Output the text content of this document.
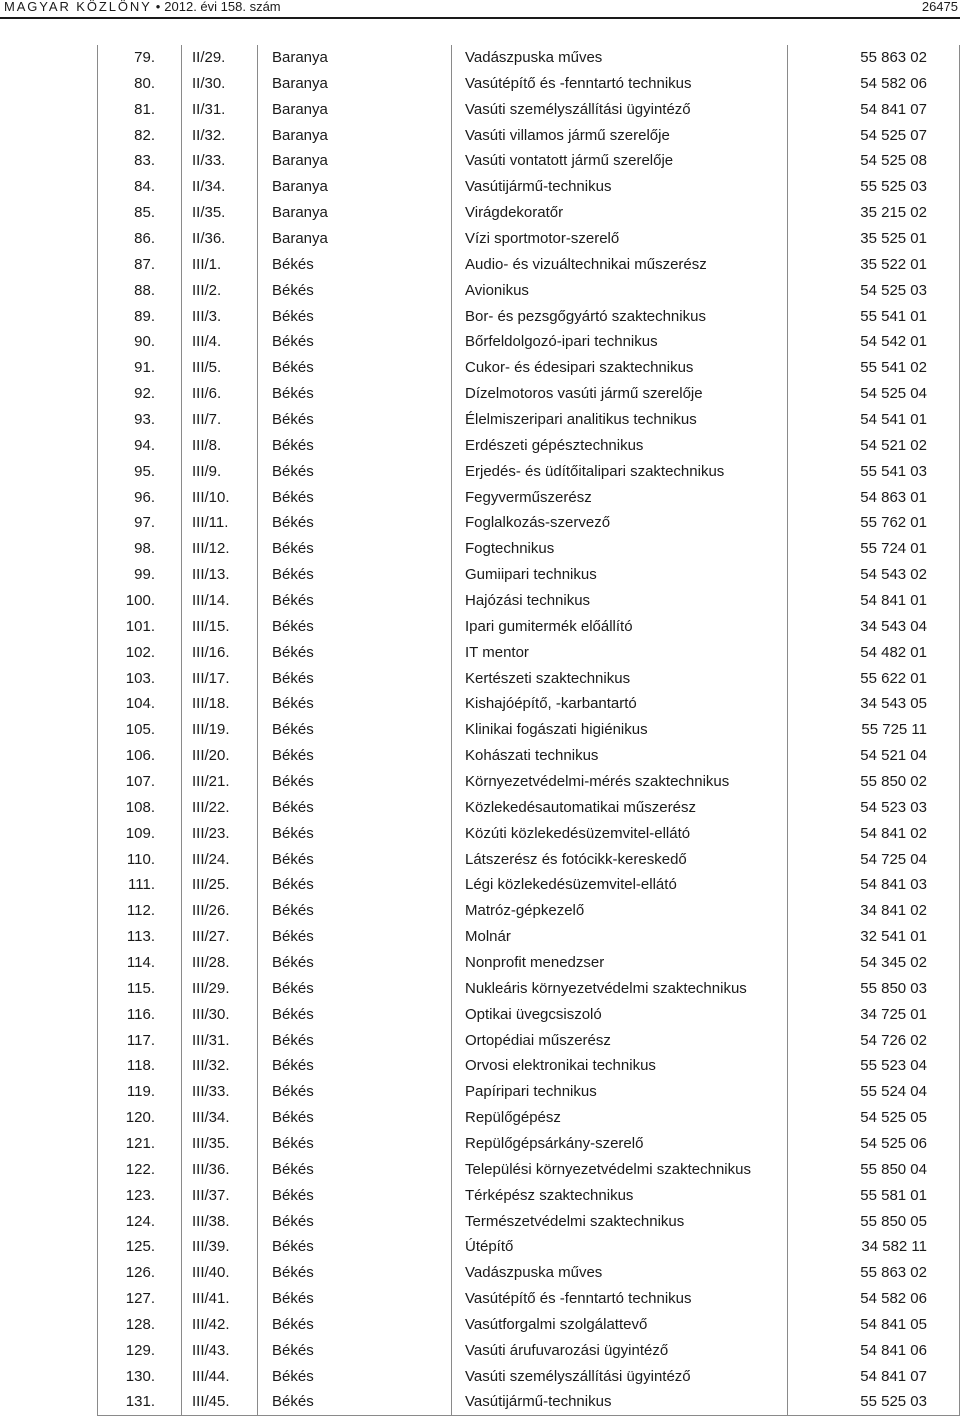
MAGYAR KÖZLÖNY • 2012. évi 158. szám	26475
79.	II/29.	Baranya	Vadászpuska műves	55 863 02
80.	II/30.	Baranya	Vasútépítő és -fenntartó technikus	54 582 06
81.	II/31.	Baranya	Vasúti személyszállítási ügyintéző	54 841 07
82.	II/32.	Baranya	Vasúti villamos jármű szerelője	54 525 07
83.	II/33.	Baranya	Vasúti vontatott jármű szerelője	54 525 08
84.	II/34.	Baranya	Vasútijármű-technikus	55 525 03
85.	II/35.	Baranya	Virágdekoratőr	35 215 02
86.	II/36.	Baranya	Vízi sportmotor-szerelő	35 525 01
87.	III/1.	Békés	Audio- és vizuáltechnikai műszerész	35 522 01
88.	III/2.	Békés	Avionikus	54 525 03
89.	III/3.	Békés	Bor- és pezsgőgyártó szaktechnikus	55 541 01
90.	III/4.	Békés	Bőrfeldolgozó-ipari technikus	54 542 01
91.	III/5.	Békés	Cukor- és édesipari szaktechnikus	55 541 02
92.	III/6.	Békés	Dízelmotoros vasúti jármű szerelője	54 525 04
93.	III/7.	Békés	Élelmiszeripari analitikus technikus	54 541 01
94.	III/8.	Békés	Erdészeti gépésztechnikus	54 521 02
95.	III/9.	Békés	Erjedés- és üdítőitalipari szaktechnikus	55 541 03
96.	III/10.	Békés	Fegyverműszerész	54 863 01
97.	III/11.	Békés	Foglalkozás-szervező	55 762 01
98.	III/12.	Békés	Fogtechnikus	55 724 01
99.	III/13.	Békés	Gumiipari technikus	54 543 02
100.	III/14.	Békés	Hajózási technikus	54 841 01
101.	III/15.	Békés	Ipari gumitermék előállító	34 543 04
102.	III/16.	Békés	IT mentor	54 482 01
103.	III/17.	Békés	Kertészeti szaktechnikus	55 622 01
104.	III/18.	Békés	Kishajóépítő, -karbantartó	34 543 05
105.	III/19.	Békés	Klinikai fogászati higiénikus	55 725 11
106.	III/20.	Békés	Kohászati technikus	54 521 04
107.	III/21.	Békés	Környezetvédelmi-mérés szaktechnikus	55 850 02
108.	III/22.	Békés	Közlekedésautomatikai műszerész	54 523 03
109.	III/23.	Békés	Közúti közlekedésüzemvitel-ellátó	54 841 02
110.	III/24.	Békés	Látszerész és fotócikk-kereskedő	54 725 04
111.	III/25.	Békés	Légi közlekedésüzemvitel-ellátó	54 841 03
112.	III/26.	Békés	Matróz-gépkezelő	34 841 02
113.	III/27.	Békés	Molnár	32 541 01
114.	III/28.	Békés	Nonprofit menedzser	54 345 02
115.	III/29.	Békés	Nukleáris környezetvédelmi szaktechnikus	55 850 03
116.	III/30.	Békés	Optikai üvegcsiszoló	34 725 01
117.	III/31.	Békés	Ortopédiai műszerész	54 726 02
118.	III/32.	Békés	Orvosi elektronikai technikus	55 523 04
119.	III/33.	Békés	Papíripari technikus	55 524 04
120.	III/34.	Békés	Repülőgépész	54 525 05
121.	III/35.	Békés	Repülőgépsárkány-szerelő	54 525 06
122.	III/36.	Békés	Települési környezetvédelmi szaktechnikus	55 850 04
123.	III/37.	Békés	Térképész szaktechnikus	55 581 01
124.	III/38.	Békés	Természetvédelmi szaktechnikus	55 850 05
125.	III/39.	Békés	Útépítő	34 582 11
126.	III/40.	Békés	Vadászpuska műves	55 863 02
127.	III/41.	Békés	Vasútépítő és -fenntartó technikus	54 582 06
128.	III/42.	Békés	Vasútforgalmi szolgálattevő	54 841 05
129.	III/43.	Békés	Vasúti árufuvarozási ügyintéző	54 841 06
130.	III/44.	Békés	Vasúti személyszállítási ügyintéző	54 841 07
131.	III/45.	Békés	Vasútijármű-technikus	55 525 03
